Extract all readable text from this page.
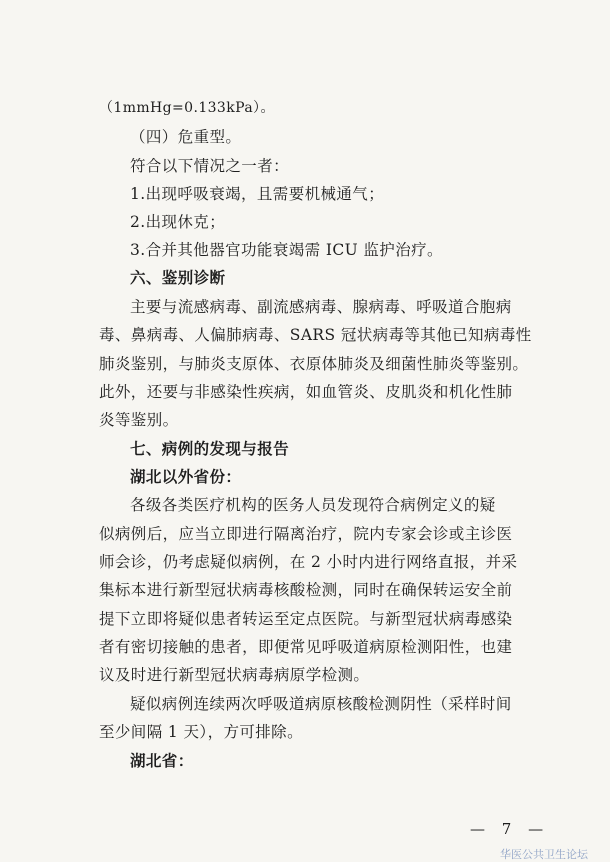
（1mmHg=0.133kPa）。
（四）危重型。
符合以下情况之一者：
1.出现呼吸衰竭，且需要机械通气；
2.出现休克；
3.合并其他器官功能衰竭需 ICU 监护治疗。
六、鉴别诊断
主要与流感病毒、副流感病毒、腺病毒、呼吸道合胞病
毒、鼻病毒、人偏肺病毒、SARS 冠状病毒等其他已知病毒性
肺炎鉴别，与肺炎支原体、衣原体肺炎及细菌性肺炎等鉴别。
此外，还要与非感染性疾病，如血管炎、皮肌炎和机化性肺
炎等鉴别。
七、病例的发现与报告
湖北以外省份：
各级各类医疗机构的医务人员发现符合病例定义的疑
似病例后，应当立即进行隔离治疗，院内专家会诊或主诊医
师会诊，仍考虑疑似病例，在 2 小时内进行网络直报，并采
集标本进行新型冠状病毒核酸检测，同时在确保转运安全前
提下立即将疑似患者转运至定点医院。与新型冠状病毒感染
者有密切接触的患者，即便常见呼吸道病原检测阳性，也建
议及时进行新型冠状病毒病原学检测。
疑似病例连续两次呼吸道病原核酸检测阴性（采样时间
至少间隔 1 天），方可排除。
湖北省：
— 7 —
华医公共卫生论坛
